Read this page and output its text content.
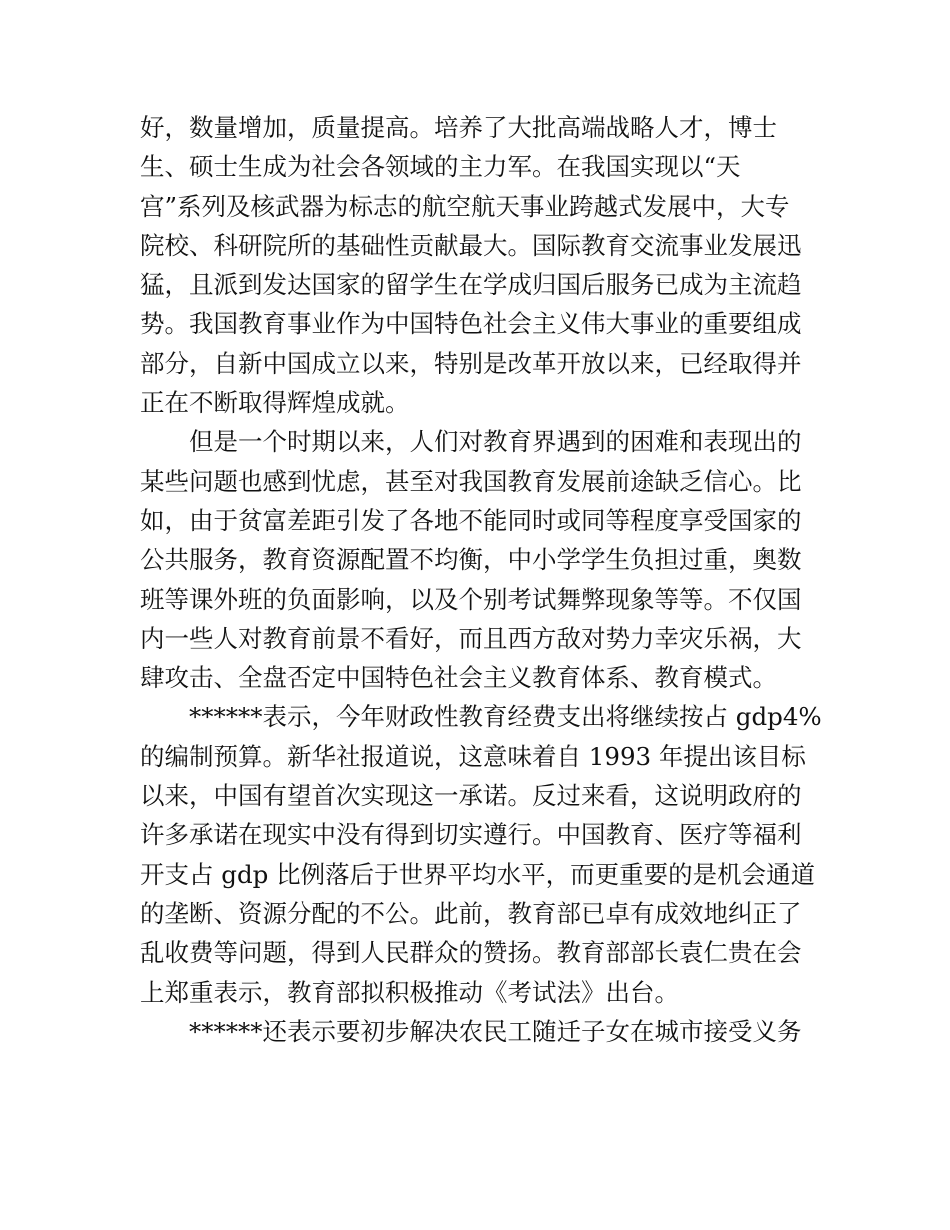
好，数量增加，质量提高。培养了大批高端战略人才，博士
生、硕士生成为社会各领域的主力军。在我国实现以“天
宫”系列及核武器为标志的航空航天事业跨越式发展中，大专
院校、科研院所的基础性贡献最大。国际教育交流事业发展迅
猛，且派到发达国家的留学生在学成归国后服务已成为主流趋
势。我国教育事业作为中国特色社会主义伟大事业的重要组成
部分，自新中国成立以来，特别是改革开放以来，已经取得并
正在不断取得辉煌成就。
但是一个时期以来，人们对教育界遇到的困难和表现出的
某些问题也感到忧虑，甚至对我国教育发展前途缺乏信心。比
如，由于贫富差距引发了各地不能同时或同等程度享受国家的
公共服务，教育资源配置不均衡，中小学学生负担过重，奥数
班等课外班的负面影响，以及个别考试舞弊现象等等。不仅国
内一些人对教育前景不看好，而且西方敌对势力幸灾乐祸，大
肆攻击、全盘否定中国特色社会主义教育体系、教育模式。
******表示，今年财政性教育经费支出将继续按占 gdp4%
的编制预算。新华社报道说，这意味着自 1993 年提出该目标
以来，中国有望首次实现这一承诺。反过来看，这说明政府的
许多承诺在现实中没有得到切实遵行。中国教育、医疗等福利
开支占 gdp 比例落后于世界平均水平，而更重要的是机会通道
的垄断、资源分配的不公。此前，教育部已卓有成效地纠正了
乱收费等问题，得到人民群众的赞扬。教育部部长袁仁贵在会
上郑重表示，教育部拟积极推动《考试法》出台。
******还表示要初步解决农民工随迁子女在城市接受义务
